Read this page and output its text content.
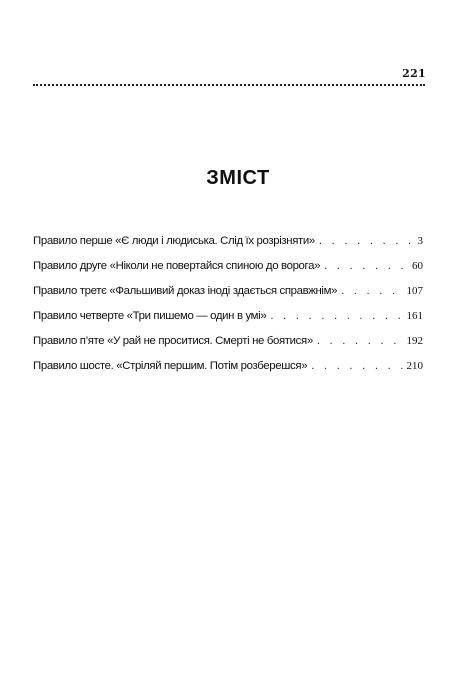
221
ЗМІСТ
Правило перше «Є люди і людиська. Слід їх розрізняти» . . .	3
Правило друге «Ніколи не повертайся спиною до ворога» . . .	60
Правило третє «Фальшивий доказ іноді здається справжнім» . . .	107
Правило четверте «Три пишемо — один в умі» . . .	161
Правило п’яте «У рай не проситися. Смерті не боятися» . . .	192
Правило шосте. «Стріляй першим. Потім розберешся» . . .	210
